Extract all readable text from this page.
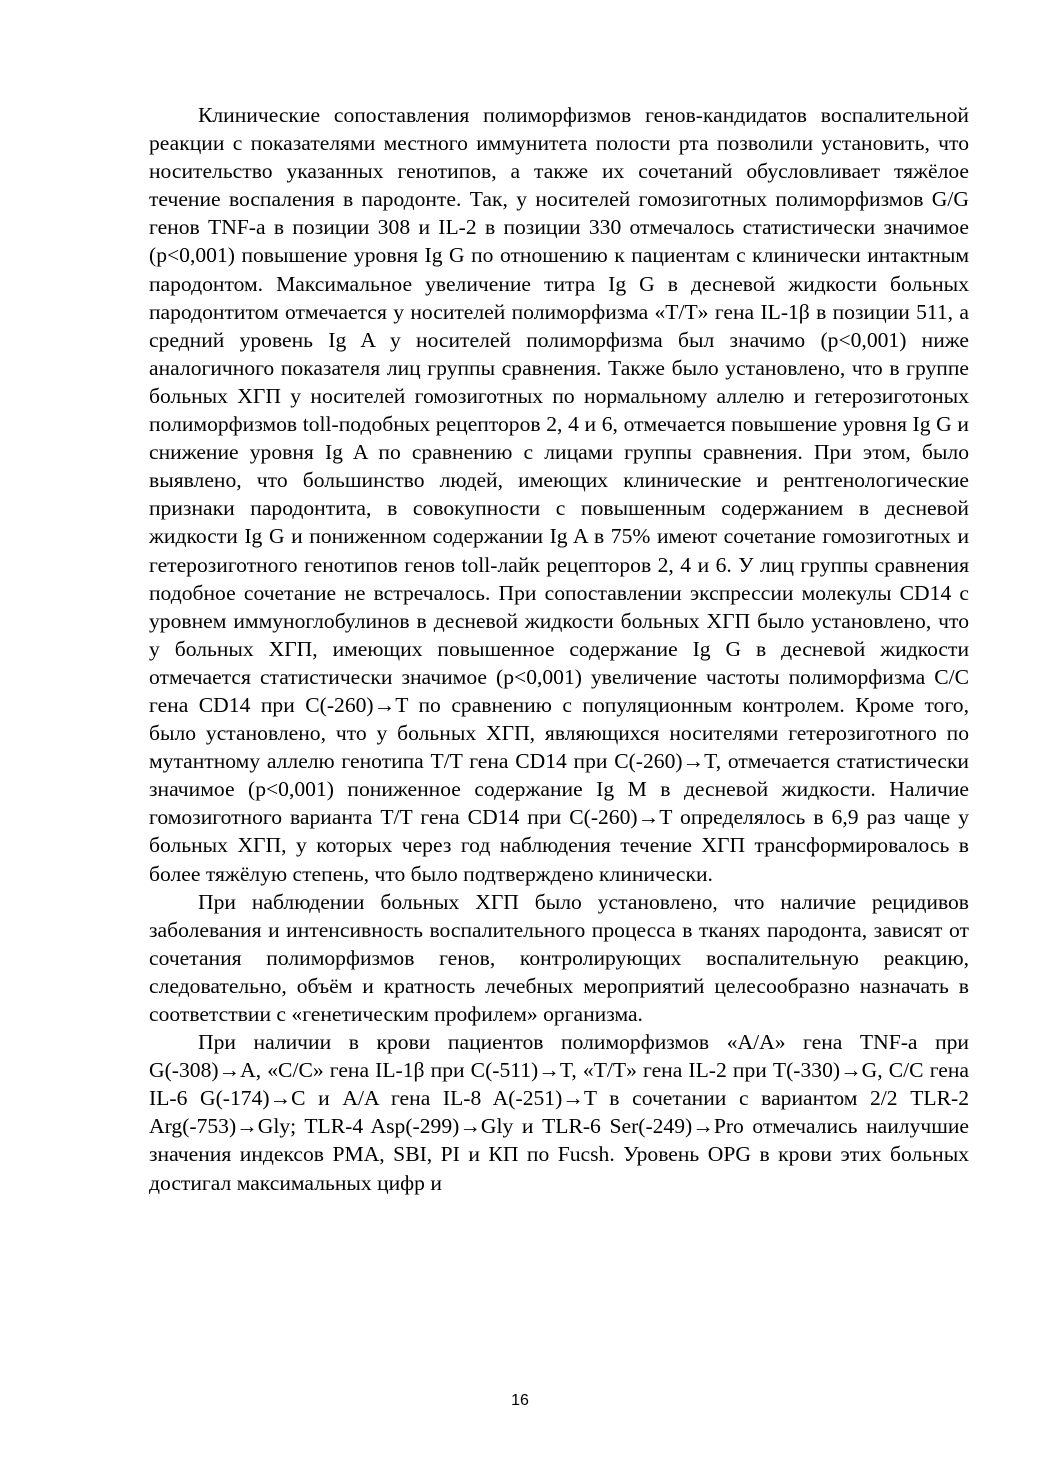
Клинические сопоставления полиморфизмов генов-кандидатов воспалительной реакции с показателями местного иммунитета полости рта позволили установить, что носительство указанных генотипов, а также их сочетаний обусловливает тяжёлое течение воспаления в пародонте. Так, у носителей гомозиготных полиморфизмов G/G генов TNF-a в позиции 308 и IL-2 в позиции 330 отмечалось статистически значимое (p<0,001) повышение уровня Ig G по отношению к пациентам с клинически интактным пародонтом. Максимальное увеличение титра Ig G в десневой жидкости больных пародонтитом отмечается у носителей полиморфизма «T/T» гена IL-1β в позиции 511, а средний уровень Ig A у носителей полиморфизма был значимо (p<0,001) ниже аналогичного показателя лиц группы сравнения. Также было установлено, что в группе больных ХГП у носителей гомозиготных по нормальному аллелю и гетерозиготоных полиморфизмов toll-подобных рецепторов 2, 4 и 6, отмечается повышение уровня Ig G и снижение уровня Ig A по сравнению с лицами группы сравнения. При этом, было выявлено, что большинство людей, имеющих клинические и рентгенологические признаки пародонтита, в совокупности с повышенным содержанием в десневой жидкости Ig G и пониженном содержании Ig A в 75% имеют сочетание гомозиготных и гетерозиготного генотипов генов toll-лайк рецепторов 2, 4 и 6. У лиц группы сравнения подобное сочетание не встречалось. При сопоставлении экспрессии молекулы CD14 с уровнем иммуноглобулинов в десневой жидкости больных ХГП было установлено, что у больных ХГП, имеющих повышенное содержание Ig G в десневой жидкости отмечается статистически значимое (p<0,001) увеличение частоты полиморфизма C/C гена CD14 при C(-260)→T по сравнению с популяционным контролем. Кроме того, было установлено, что у больных ХГП, являющихся носителями гетерозиготного по мутантному аллелю генотипа T/T гена CD14 при C(-260)→T, отмечается статистически значимое (p<0,001) пониженное содержание Ig M в десневой жидкости. Наличие гомозиготного варианта T/T гена CD14 при C(-260)→T определялось в 6,9 раз чаще у больных ХГП, у которых через год наблюдения течение ХГП трансформировалось в более тяжёлую степень, что было подтверждено клинически.

При наблюдении больных ХГП было установлено, что наличие рецидивов заболевания и интенсивность воспалительного процесса в тканях пародонта, зависят от сочетания полиморфизмов генов, контролирующих воспалительную реакцию, следовательно, объём и кратность лечебных мероприятий целесообразно назначать в соответствии с «генетическим профилем» организма.

При наличии в крови пациентов полиморфизмов «A/A» гена TNF-a при G(-308)→A, «C/C» гена IL-1β при C(-511)→T, «T/T» гена IL-2 при T(-330)→G, C/C гена IL-6 G(-174)→C и A/A гена IL-8 A(-251)→T в сочетании с вариантом 2/2 TLR-2 Arg(-753)→Gly; TLR-4 Asp(-299)→Gly и TLR-6 Ser(-249)→Pro отмечались наилучшие значения индексов PMA, SBI, PI и КП по Fucsh. Уровень OPG в крови этих больных достигал максимальных цифр и

16
